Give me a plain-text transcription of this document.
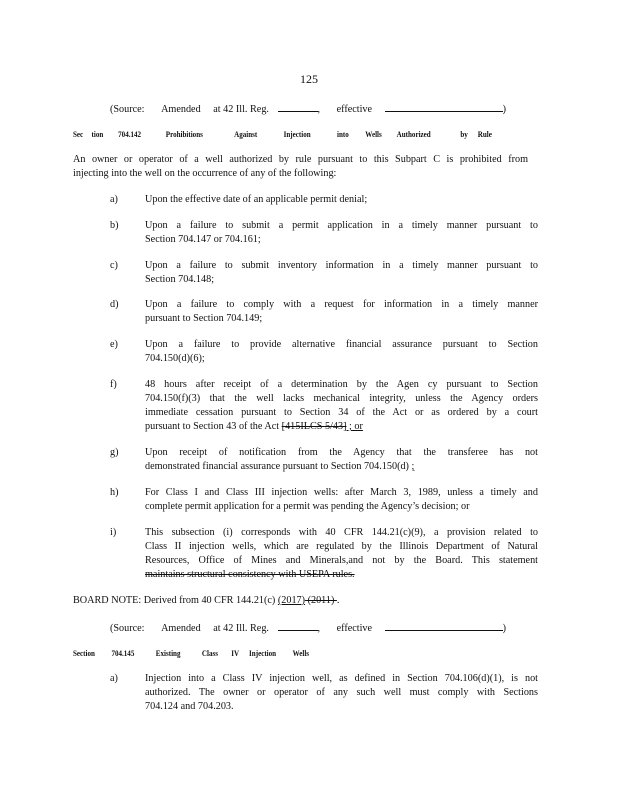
125
(Source: Amended at 42 Ill. Reg.	, effective	)
Sec tion 704.142	Prohibitions	Against	Injection	into Wells Authorized	by Rule
An owner or operator of a well authorized by rule pursuant to this Subpart C is prohibited from
injecting into the well on the occurrence of any of the following:
a)	Upon the effective date of an applicable permit denial;
b)	Upon a failure to submit a permit application in a timely manner pursuant to
Section 704.147 or 704.161;
c)	Upon a failure to submit inventory information in a timely manner pursuant to
Section 704.148;
d)	Upon a failure to comply with a request for information in a timely manner
pursuant to Section 704.149;
e)	Upon a failure to provide alternative financial assurance pursuant to Section
704.150(d)(6);
f)	48 hours after receipt of a determination by the Agen cy pursuant to Section
704.150(f)(3) that the well lacks mechanical integrity, unless the Agency orders
immediate cessation pursuant to Section 34 of the Act or as ordered by a court
pursuant to Section 43 of the Act [415ILCS 5/43] ; or
g)	Upon receipt of notification from the Agency that the transferee has not
demonstrated financial assurance pursuant to Section 704.150(d) ;
h)	For Class I and Class III injection wells: after March 3, 1989, unless a timely and
complete permit application for a permit was pending the Agency’s decision; or
i)	This subsection (i) corresponds with 40 CFR 144.21(c)(9), a provision related to
Class II injection wells, which are regulated by the Illinois Department of Natural
Resources, Office of Mines and Minerals,and not by the Board. This statement
maintains structural consistency with USEPA rules.
BOARD NOTE: Derived from 40 CFR 144.21(c) (2017) (2011) .
(Source: Amended at 42 Ill. Reg.	, effective	)
Section 704.145 Existing Class IV Injection Wells
a)	Injection into a Class IV injection well, as defined in Section 704.106(d)(1), is not
authorized. The owner or operator of any such well must comply with Sections
704.124 and 704.203.
